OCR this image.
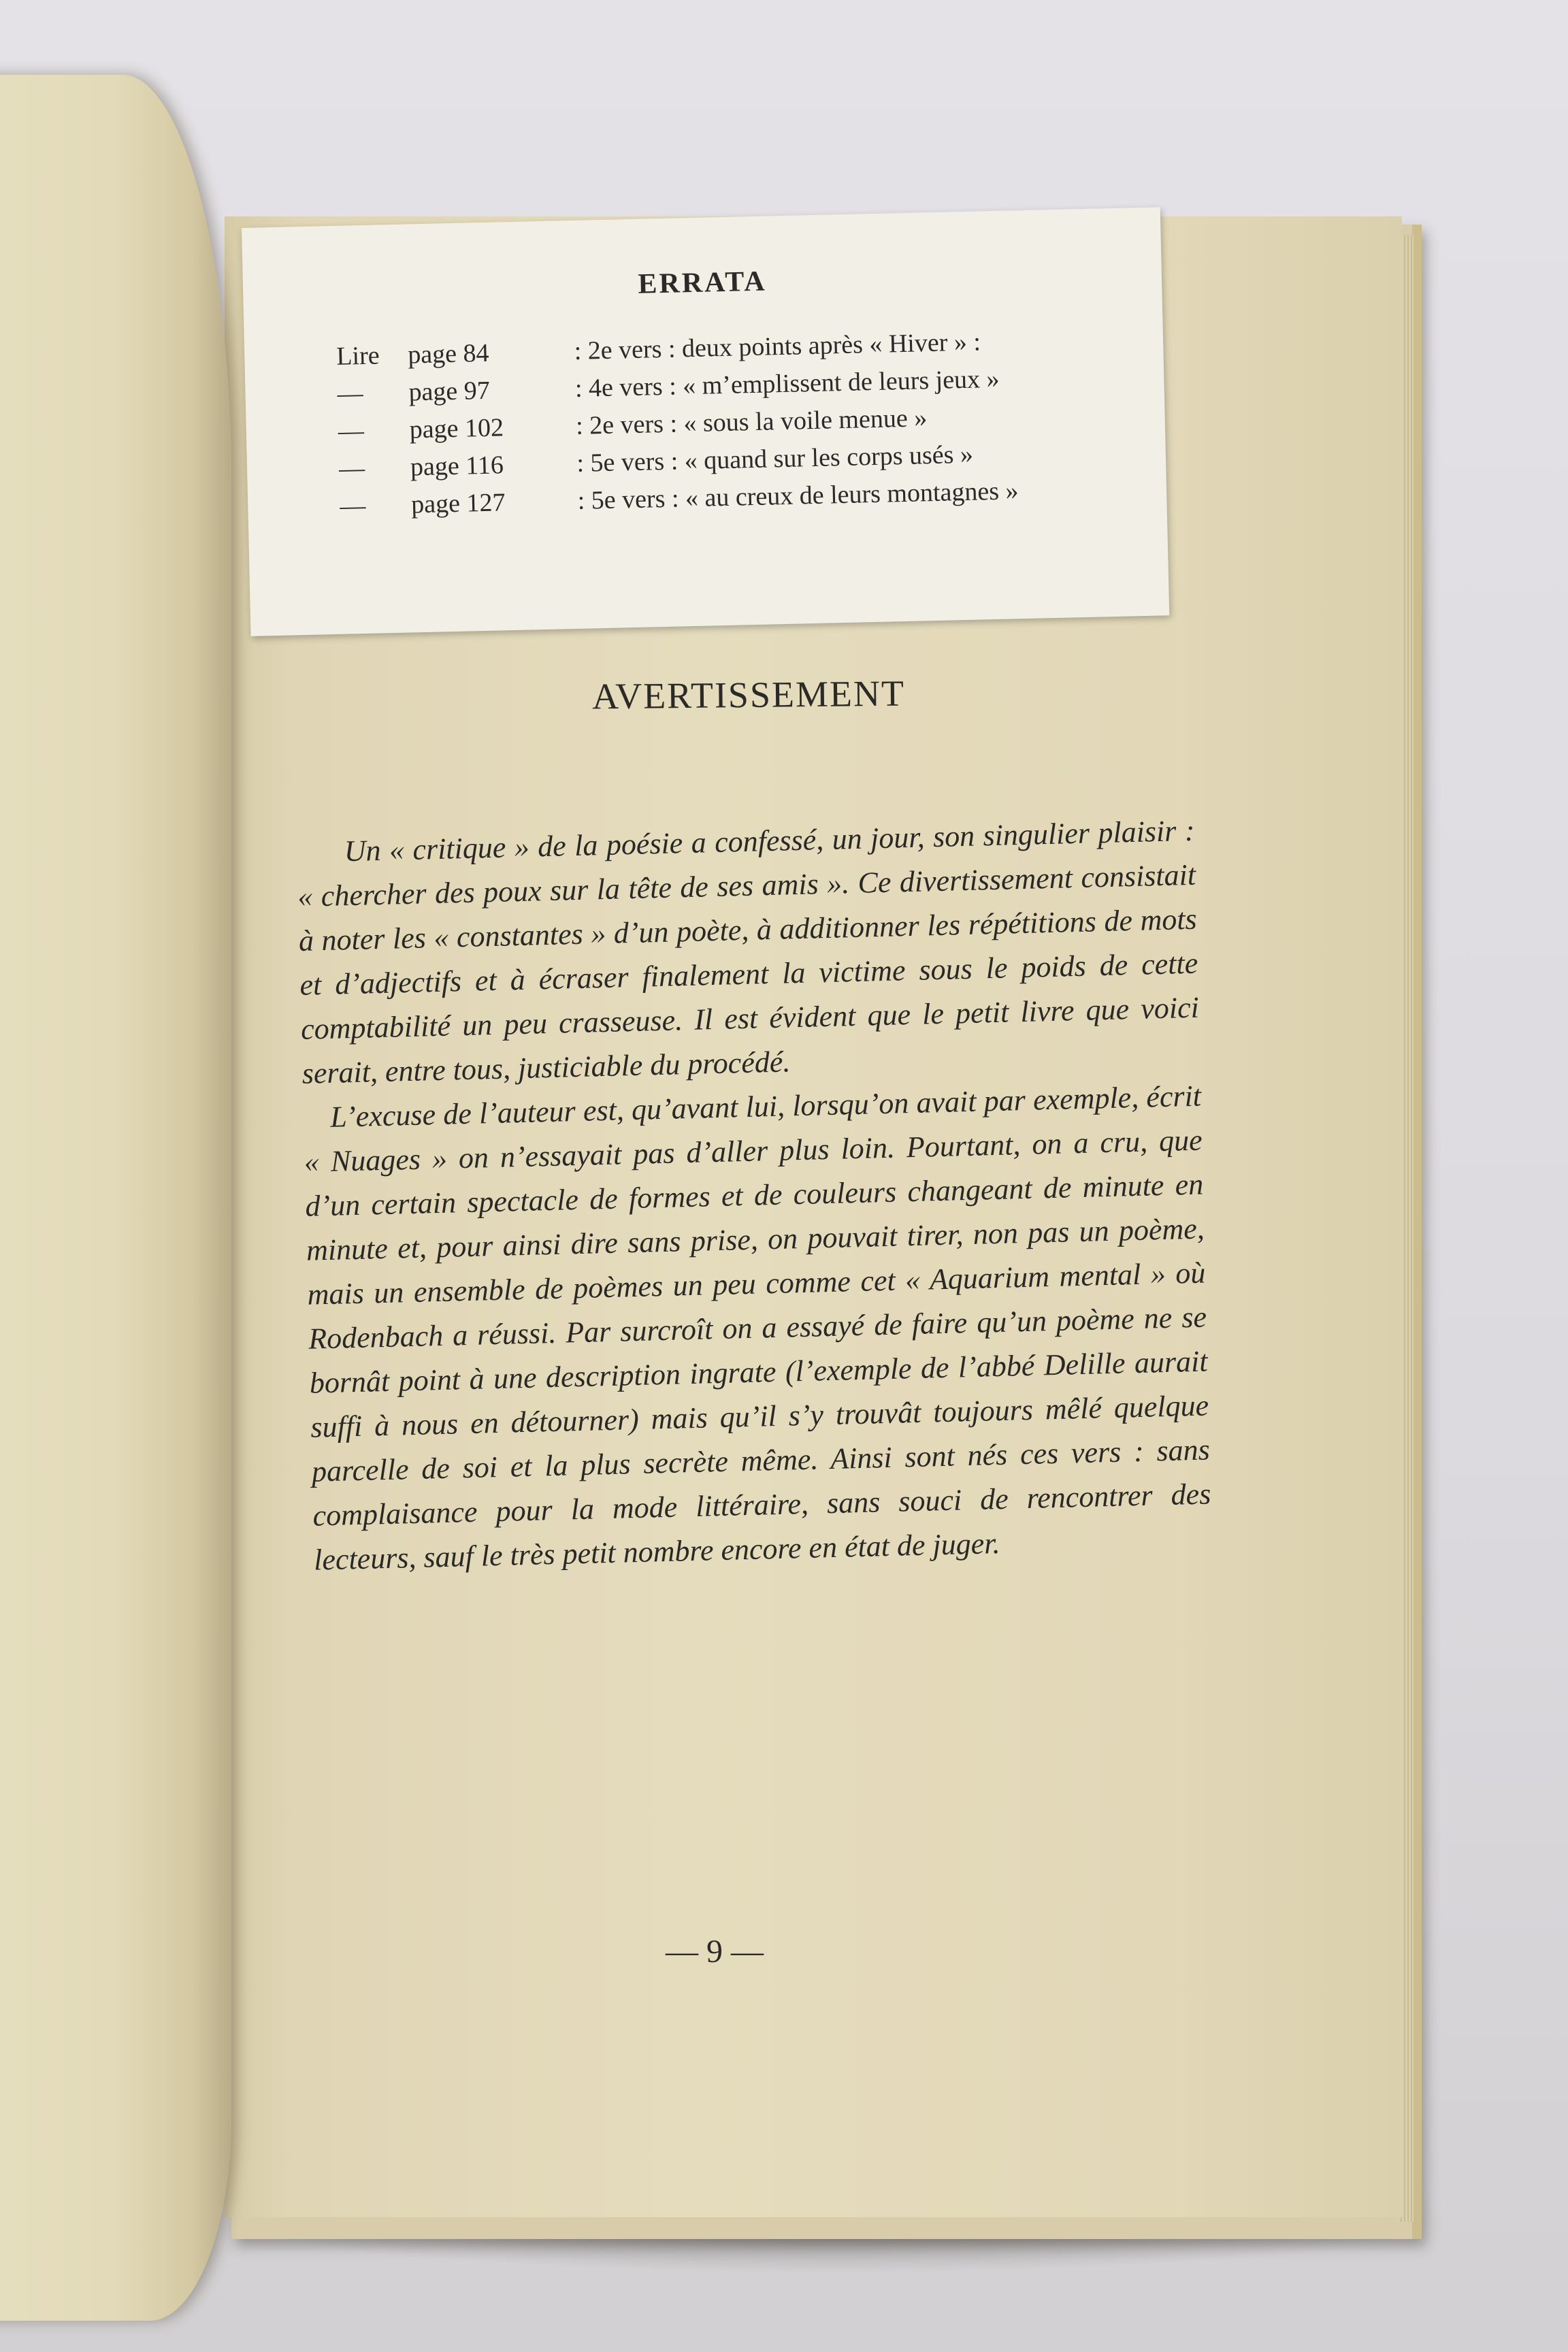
ERRATA
Lire page 84	: 2e vers : deux points après « Hiver » :
— page 97	: 4e vers : « m’emplissent de leurs jeux »
— page 102	: 2e vers : « sous la voile menue »
— page 116	: 5e vers : « quand sur les corps usés »
— page 127	: 5e vers : « au creux de leurs montagnes »
AVERTISSEMENT

Un « critique » de la poésie a confessé, un jour, son singulier plaisir : « chercher des poux sur la tête de ses amis ». Ce divertissement consistait à noter les « constantes » d’un poète, à additionner les répétitions de mots et d’adjectifs et à écraser finalement la victime sous le poids de cette comptabilité un peu crasseuse. Il est évident que le petit livre que voici serait, entre tous, justiciable du procédé.

L’excuse de l’auteur est, qu’avant lui, lorsqu’on avait par exemple, écrit « Nuages » on n’essayait pas d’aller plus loin. Pourtant, on a cru, que d’un certain spectacle de formes et de couleurs changeant de minute en minute et, pour ainsi dire sans prise, on pouvait tirer, non pas un poème, mais un ensemble de poèmes un peu comme cet « Aquarium mental » où Rodenbach a réussi. Par surcroît on a essayé de faire qu’un poème ne se bornât point à une description ingrate (l’exemple de l’abbé Delille aurait suffi à nous en détourner) mais qu’il s’y trouvât toujours mêlé quelque parcelle de soi et la plus secrète même. Ainsi sont nés ces vers : sans complaisance pour la mode littéraire, sans souci de rencontrer des lecteurs, sauf le très petit nombre encore en état de juger.

— 9 —
